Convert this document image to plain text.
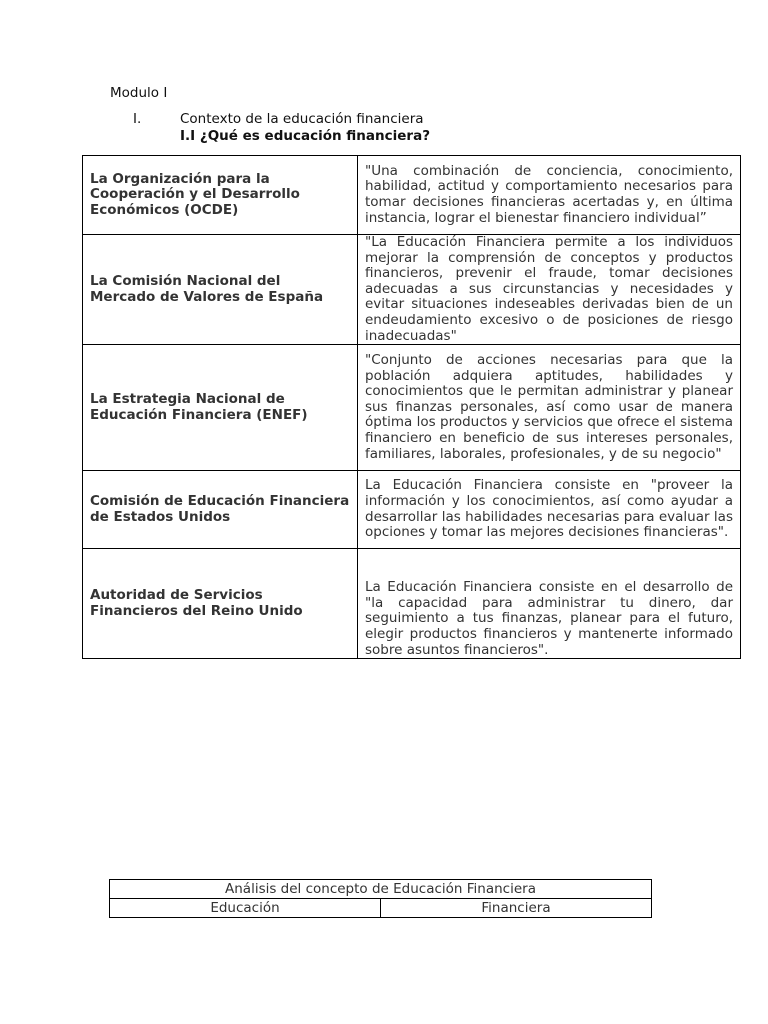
Modulo I
I.	Contexto de la educación financiera
I.I ¿Qué es educación financiera?
La Organización para la Cooperación y el Desarrollo Económicos (OCDE)	"Una combinación de conciencia, conocimiento, habilidad, actitud y comportamiento necesarios para tomar decisiones financieras acertadas y, en última instancia, lograr el bienestar financiero individual”
La Comisión Nacional del Mercado de Valores de España	"La Educación Financiera permite a los individuos mejorar la comprensión de conceptos y productos financieros, prevenir el fraude, tomar decisiones adecuadas a sus circunstancias y necesidades y evitar situaciones indeseables derivadas bien de un endeudamiento excesivo o de posiciones de riesgo inadecuadas"
La Estrategia Nacional de Educación Financiera (ENEF)	"Conjunto de acciones necesarias para que la población adquiera aptitudes, habilidades y conocimientos que le permitan administrar y planear sus finanzas personales, así como usar de manera óptima los productos y servicios que ofrece el sistema financiero en beneficio de sus intereses personales, familiares, laborales, profesionales, y de su negocio"
Comisión de Educación Financiera de Estados Unidos	La Educación Financiera consiste en "proveer la información y los conocimientos, así como ayudar a desarrollar las habilidades necesarias para evaluar las opciones y tomar las mejores decisiones financieras".
Autoridad de Servicios Financieros del Reino Unido	La Educación Financiera consiste en el desarrollo de "la capacidad para administrar tu dinero, dar seguimiento a tus finanzas, planear para el futuro, elegir productos financieros y mantenerte informado sobre asuntos financieros".
Análisis del concepto de Educación Financiera
Educación	Financiera
